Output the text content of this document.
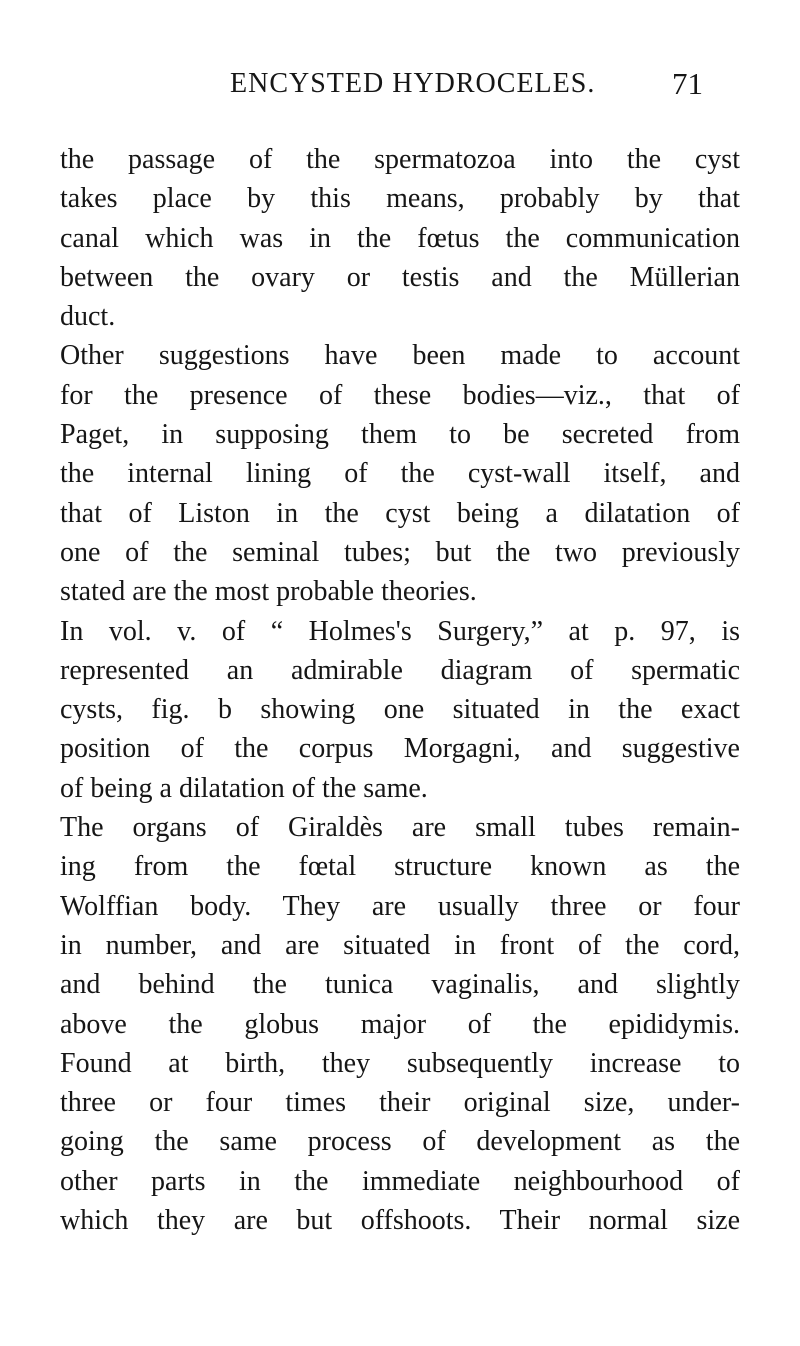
ENCYSTED HYDROCELES. 71
the passage of the spermatozoa into the cyst
takes place by this means, probably by that
canal which was in the fœtus the communication
between the ovary or testis and the Müllerian
duct.
Other suggestions have been made to account
for the presence of these bodies—viz., that of
Paget, in supposing them to be secreted from
the internal lining of the cyst-wall itself, and
that of Liston in the cyst being a dilatation of
one of the seminal tubes; but the two previously
stated are the most probable theories.
In vol. v. of “ Holmes's Surgery,” at p. 97, is
represented an admirable diagram of spermatic
cysts, fig. b showing one situated in the exact
position of the corpus Morgagni, and suggestive
of being a dilatation of the same.
The organs of Giraldès are small tubes remain-
ing from the fœtal structure known as the
Wolffian body. They are usually three or four
in number, and are situated in front of the cord,
and behind the tunica vaginalis, and slightly
above the globus major of the epididymis.
Found at birth, they subsequently increase to
three or four times their original size, under-
going the same process of development as the
other parts in the immediate neighbourhood of
which they are but offshoots. Their normal size
